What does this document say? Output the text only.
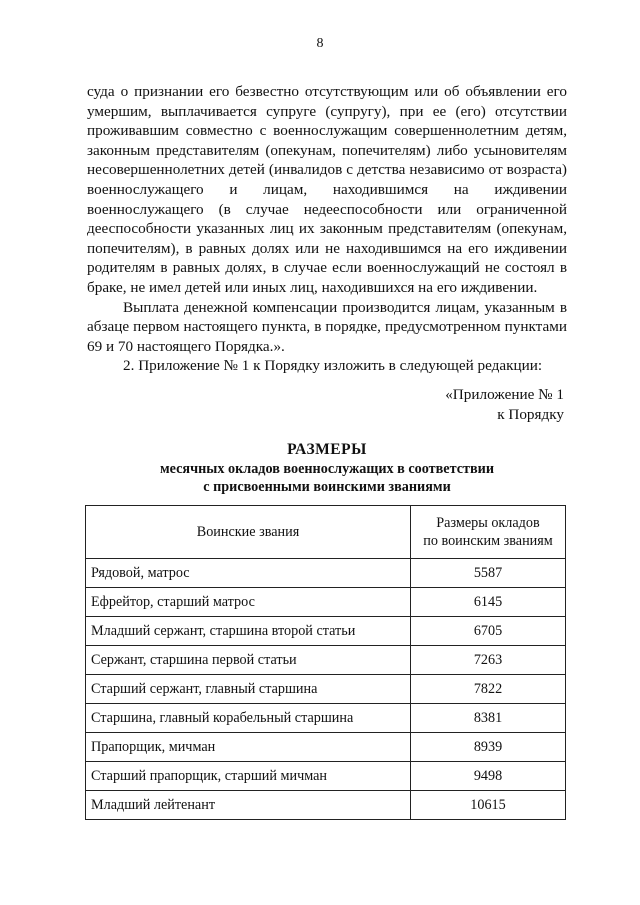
8

суда о признании его безвестно отсутствующим или об объявлении его умершим, выплачивается супруге (супругу), при ее (его) отсутствии проживавшим совместно с военнослужащим совершеннолетним детям, законным представителям (опекунам, попечителям) либо усыновителям несовершеннолетних детей (инвалидов с детства независимо от возраста) военнослужащего и лицам, находившимся на иждивении военнослужащего (в случае недееспособности или ограниченной дееспособности указанных лиц их законным представителям (опекунам, попечителям), в равных долях или не находившимся на его иждивении родителям в равных долях, в случае если военнослужащий не состоял в браке, не имел детей или иных лиц, находившихся на его иждивении.

Выплата денежной компенсации производится лицам, указанным в абзаце первом настоящего пункта, в порядке, предусмотренном пунктами 69 и 70 настоящего Порядка.».

2. Приложение № 1 к Порядку изложить в следующей редакции:

«Приложение № 1
к Порядку
РАЗМЕРЫ
месячных окладов военнослужащих в соответствии
с присвоенными воинскими званиями
Воинские звания	Размеры окладов
по воинским званиям

Рядовой, матрос	5587
Ефрейтор, старший матрос	6145
Младший сержант, старшина второй статьи	6705
Сержант, старшина первой статьи	7263
Старший сержант, главный старшина	7822
Старшина, главный корабельный старшина	8381
Прапорщик, мичман	8939
Старший прапорщик, старший мичман	9498
Младший лейтенант	10615
